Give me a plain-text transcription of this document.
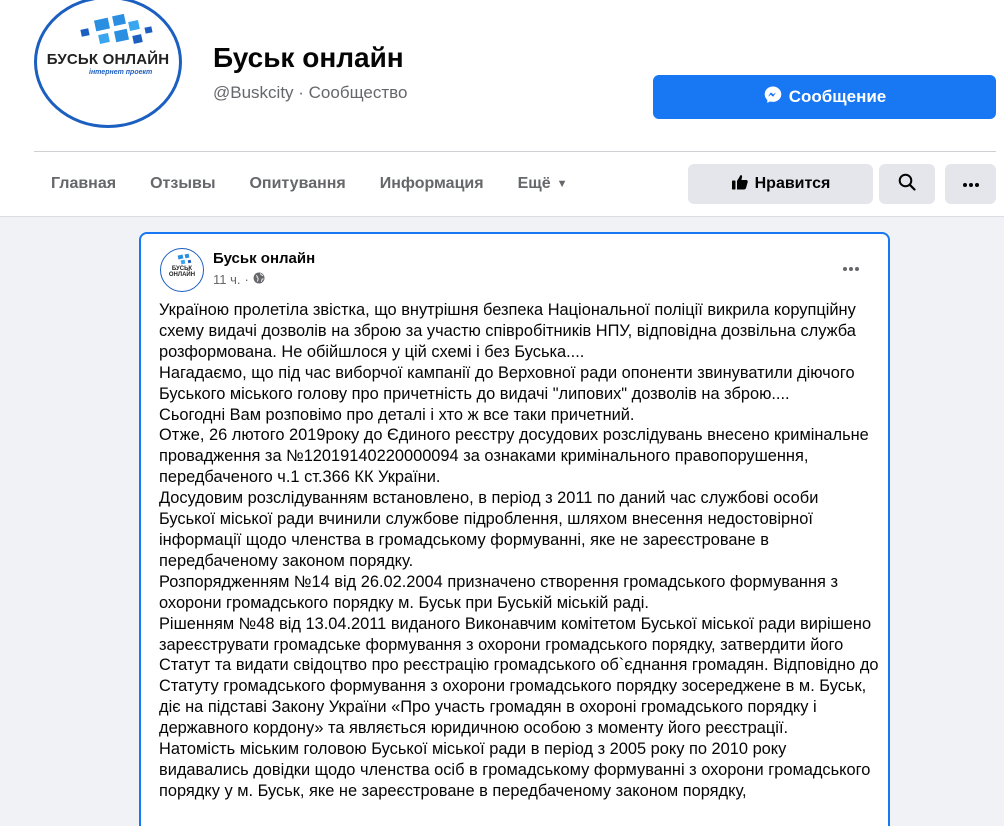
БУСЬК ОНЛАЙН
інтернет проект Буськ онлайн
@Buskcity · Сообщество	Сообщение
Главная Отзывы Опитування Информация Ещё ▼	Нравится
БУСЬК ОНЛАЙН
Буськ онлайн
11 ч. ·
Україною пролетіла звістка, що внутрішня безпека Національної поліції викрила корупційну схему видачі дозволів на зброю за участю співробітників НПУ, відповідна дозвільна служба розформована. Не обійшлося у цій схемі і без Буська....
Нагадаємо, що під час виборчої кампанії до Верховної ради опоненти звинуватили діючого Буського міського голову про причетність до видачі "липових" дозволів на зброю....
Сьогодні Вам розповімо про деталі і хто ж все таки причетний.
Отже, 26 лютого 2019року до Єдиного реєстру досудових розслідувань внесено кримінальне провадження за №12019140220000094 за ознаками кримінального правопорушення, передбаченого ч.1 ст.366 КК України.
Досудовим розслідуванням встановлено, в період з 2011 по даний час службові особи Буської міської ради вчинили службове підроблення, шляхом внесення недостовірної інформації щодо членства в громадському формуванні, яке не зареєстроване в передбаченому законом порядку.
Розпорядженням №14 від 26.02.2004 призначено створення громадського формування з охорони громадського порядку м. Буськ при Буській міській раді.
Рішенням №48 від 13.04.2011 виданого Виконавчим комітетом Буської міської ради вирішено зареєструвати громадське формування з охорони громадського порядку, затвердити його Статут та видати свідоцтво про реєстрацію громадського об`єднання громадян. Відповідно до Статуту громадського формування з охорони громадського порядку зосереджене в м. Буськ, діє на підставі Закону України «Про участь громадян в охороні громадського порядку і державного кордону» та являється юридичною особою з моменту його реєстрації.
Натомість міським головою Буської міської ради в період з 2005 року по 2010 року видавались довідки щодо членства осіб в громадському формуванні з охорони громадського порядку у м. Буськ, яке не зареєстроване в передбаченому законом порядку,
